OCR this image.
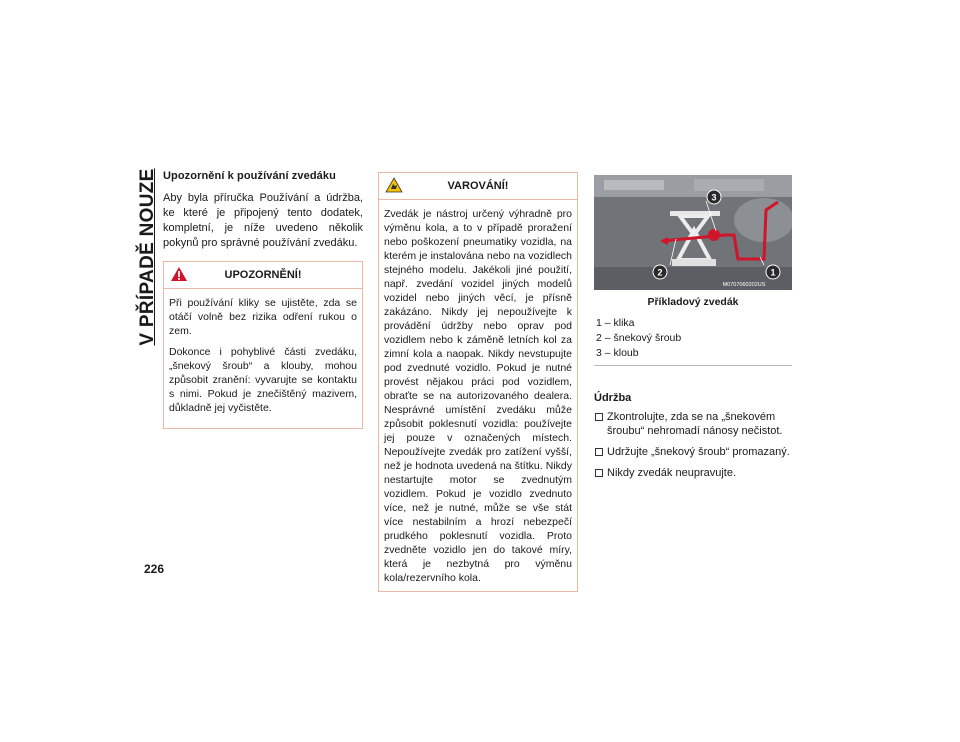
V PŘÍPADĚ NOUZE
226
Upozornění k používání zvedáku

Aby byla příručka Používání a údržba, ke které je připojený tento dodatek, kompletní, je níže uvedeno několik pokynů pro správné používání zvedáku.

UPOZORNĚNÍ!

Při používání kliky se ujistěte, zda se otáčí volně bez rizika odření rukou o zem.

Dokonce i pohyblivé části zvedáku, „šnekový šroub“ a klouby, mohou způsobit zranění: vyvarujte se kontaktu s nimi. Pokud je znečištěný mazivem, důkladně jej vyčistěte.

VAROVÁNÍ!

Zvedák je nástroj určený výhradně pro výměnu kola, a to v případě proražení nebo poškození pneumatiky vozidla, na kterém je instalována nebo na vozidlech stejného modelu. Jakékoli jiné použití, např. zvedání vozidel jiných modelů vozidel nebo jiných věcí, je přísně zakázáno. Nikdy jej nepoužívejte k provádění údržby nebo oprav pod vozidlem nebo k záměně letních kol za zimní kola a naopak. Nikdy nevstupujte pod zvednuté vozidlo. Pokud je nutné provést nějakou práci pod vozidlem, obraťte se na autorizovaného dealera. Nesprávné umístění zvedáku může způsobit poklesnutí vozidla: používejte jej pouze v označených místech. Nepoužívejte zvedák pro zatížení vyšší, než je hodnota uvedená na štítku. Nikdy nestartujte motor se zvednutým vozidlem. Pokud je vozidlo zvednuto více, než je nutné, může se vše stát více nestabilním a hrozí nebezpečí prudkého poklesnutí vozidla. Proto zvedněte vozidlo jen do takové míry, která je nezbytná pro výměnu kola/rezervního kola.

3
2	1
M0707060202US
Příkladový zvedák
1 – klika
2 – šnekový šroub
3 – kloub
Údržba
Zkontrolujte, zda se na „šnekovém šroubu“ nehromadí nánosy nečistot.
Udržujte „šnekový šroub“ promazaný.
Nikdy zvedák neupravujte.
